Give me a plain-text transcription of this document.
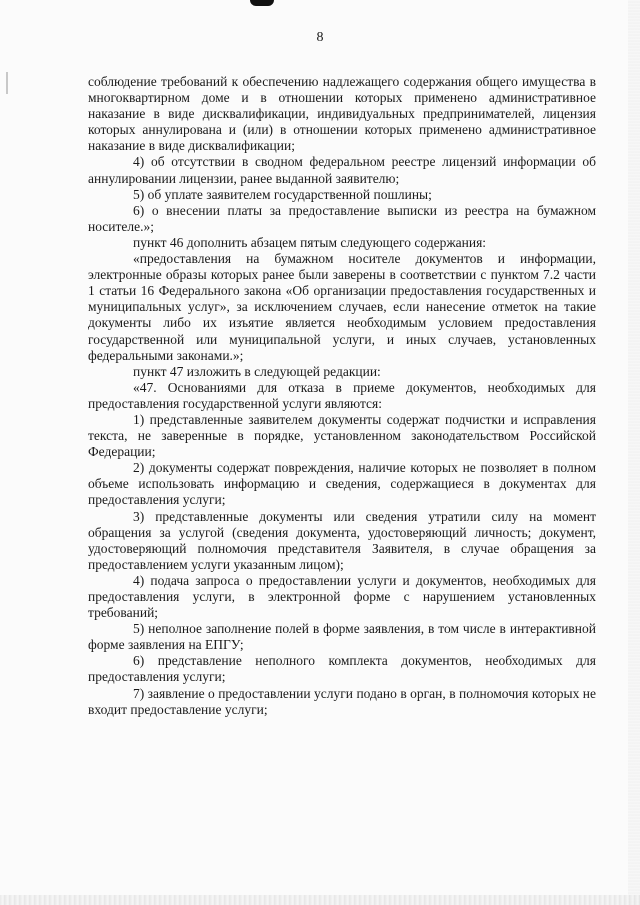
8

соблюдение требований к обеспечению надлежащего содержания общего имущества в многоквартирном доме и в отношении которых применено административное наказание в виде дисквалификации, индивидуальных предпринимателей, лицензия которых аннулирована и (или) в отношении которых применено административное наказание в виде дисквалификации;

4) об отсутствии в сводном федеральном реестре лицензий информации об аннулировании лицензии, ранее выданной заявителю;

5) об уплате заявителем государственной пошлины;

6) о внесении платы за предоставление выписки из реестра на бумажном носителе.»;

пункт 46 дополнить абзацем пятым следующего содержания:

«предоставления на бумажном носителе документов и информации, электронные образы которых ранее были заверены в соответствии с пунктом 7.2 части 1 статьи 16 Федерального закона «Об организации предоставления государственных и муниципальных услуг», за исключением случаев, если нанесение отметок на такие документы либо их изъятие является необходимым условием предоставления государственной или муниципальной услуги, и иных случаев, установленных федеральными законами.»;

пункт 47 изложить в следующей редакции:

«47. Основаниями для отказа в приеме документов, необходимых для предоставления государственной услуги являются:

1) представленные заявителем документы содержат подчистки и исправления текста, не заверенные в порядке, установленном законодательством Российской Федерации;

2) документы содержат повреждения, наличие которых не позволяет в полном объеме использовать информацию и сведения, содержащиеся в документах для предоставления услуги;

3) представленные документы или сведения утратили силу на момент обращения за услугой (сведения документа, удостоверяющий личность; документ, удостоверяющий полномочия представителя Заявителя, в случае обращения за предоставлением услуги указанным лицом);

4) подача запроса о предоставлении услуги и документов, необходимых для предоставления услуги, в электронной форме с нарушением установленных требований;

5) неполное заполнение полей в форме заявления, в том числе в интерактивной форме заявления на ЕПГУ;

6) представление неполного комплекта документов, необходимых для предоставления услуги;

7) заявление о предоставлении услуги подано в орган, в полномочия которых не входит предоставление услуги;
